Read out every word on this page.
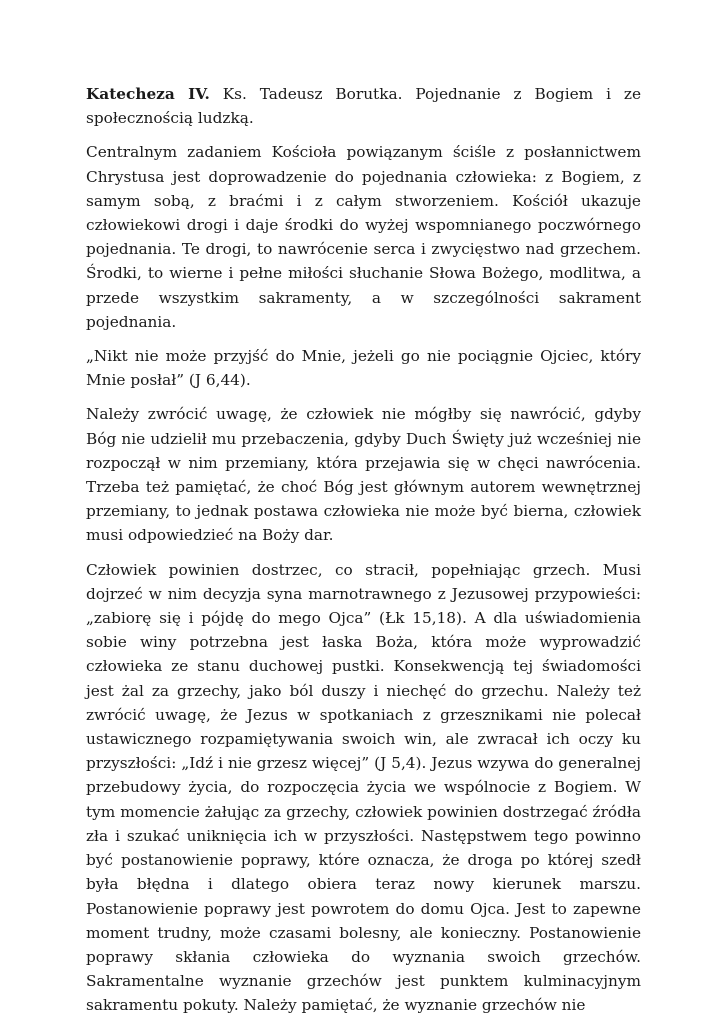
Katecheza IV. Ks. Tadeusz Borutka. Pojednanie z Bogiem i ze społecznością ludzką.

Centralnym zadaniem Kościoła powiązanym ściśle z posłannictwem Chrystusa jest doprowadzenie do pojednania człowieka: z Bogiem, z samym sobą, z braćmi i z całym stworzeniem. Kościół ukazuje człowiekowi drogi i daje środki do wyżej wspomnianego poczwórnego pojednania. Te drogi, to nawrócenie serca i zwycięstwo nad grzechem. Środki, to wierne i pełne miłości słuchanie Słowa Bożego, modlitwa, a przede wszystkim sakramenty, a w szczególności sakrament pojednania.

„Nikt nie może przyjść do Mnie, jeżeli go nie pociągnie Ojciec, który Mnie posłał” (J 6,44).

Należy zwrócić uwagę, że człowiek nie mógłby się nawrócić, gdyby Bóg nie udzielił mu przebaczenia, gdyby Duch Święty już wcześniej nie rozpoczął w nim przemiany, która przejawia się w chęci nawrócenia. Trzeba też pamiętać, że choć Bóg jest głównym autorem wewnętrznej przemiany, to jednak postawa człowieka nie może być bierna, człowiek musi odpowiedzieć na Boży dar.

Człowiek powinien dostrzec, co stracił, popełniając grzech. Musi dojrzeć w nim decyzja syna marnotrawnego z Jezusowej przypowieści: „zabiorę się i pójdę do mego Ojca” (Łk 15,18). A dla uświadomienia sobie winy potrzebna jest łaska Boża, która może wyprowadzić człowieka ze stanu duchowej pustki. Konsekwencją tej świadomości jest żal za grzechy, jako ból duszy i niechęć do grzechu. Należy też zwrócić uwagę, że Jezus w spotkaniach z grzesznikami nie polecał ustawicznego rozpamiętywania swoich win, ale zwracał ich oczy ku przyszłości: „Idź i nie grzesz więcej” (J 5,4). Jezus wzywa do generalnej przebudowy życia, do rozpoczęcia życia we wspólnocie z Bogiem. W tym momencie żałując za grzechy, człowiek powinien dostrzegać źródła zła i szukać uniknięcia ich w przyszłości. Następstwem tego powinno być postanowienie poprawy, które oznacza, że droga po której szedł była błędna i dlatego obiera teraz nowy kierunek marszu. Postanowienie poprawy jest powrotem do domu Ojca. Jest to zapewne moment trudny, może czasami bolesny, ale konieczny. Postanowienie poprawy skłania człowieka do wyznania swoich grzechów. Sakramentalne wyznanie grzechów jest punktem kulminacyjnym sakramentu pokuty. Należy pamiętać, że wyznanie grzechów nie
